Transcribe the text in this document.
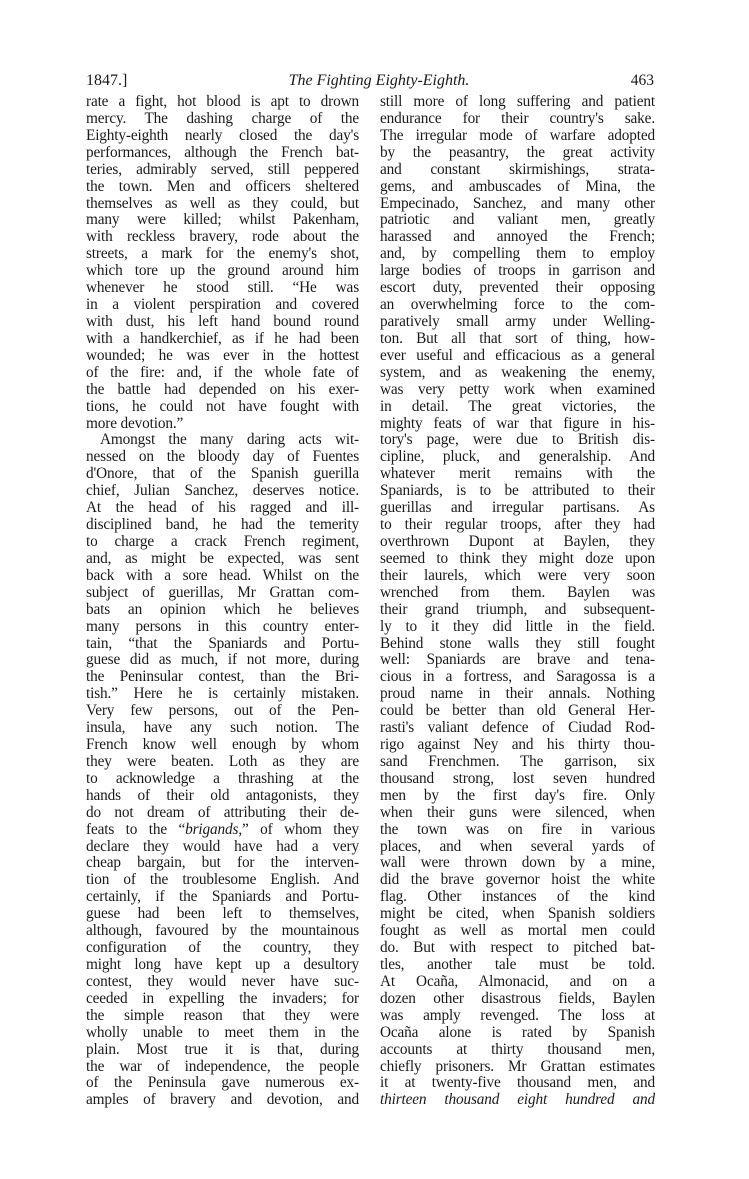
1847.]	The Fighting Eighty-Eighth.	463
rate a fight, hot blood is apt to drown
mercy. The dashing charge of the
Eighty-eighth nearly closed the day's
performances, although the French bat-
teries, admirably served, still peppered
the town. Men and officers sheltered
themselves as well as they could, but
many were killed; whilst Pakenham,
with reckless bravery, rode about the
streets, a mark for the enemy's shot,
which tore up the ground around him
whenever he stood still. “He was
in a violent perspiration and covered
with dust, his left hand bound round
with a handkerchief, as if he had been
wounded; he was ever in the hottest
of the fire: and, if the whole fate of
the battle had depended on his exer-
tions, he could not have fought with
more devotion.”
Amongst the many daring acts wit-
nessed on the bloody day of Fuentes
d'Onore, that of the Spanish guerilla
chief, Julian Sanchez, deserves notice.
At the head of his ragged and ill-
disciplined band, he had the temerity
to charge a crack French regiment,
and, as might be expected, was sent
back with a sore head. Whilst on the
subject of guerillas, Mr Grattan com-
bats an opinion which he believes
many persons in this country enter-
tain, “that the Spaniards and Portu-
guese did as much, if not more, during
the Peninsular contest, than the Bri-
tish.” Here he is certainly mistaken.
Very few persons, out of the Pen-
insula, have any such notion. The
French know well enough by whom
they were beaten. Loth as they are
to acknowledge a thrashing at the
hands of their old antagonists, they
do not dream of attributing their de-
feats to the “brigands,” of whom they
declare they would have had a very
cheap bargain, but for the interven-
tion of the troublesome English. And
certainly, if the Spaniards and Portu-
guese had been left to themselves,
although, favoured by the mountainous
configuration of the country, they
might long have kept up a desultory
contest, they would never have suc-
ceeded in expelling the invaders; for
the simple reason that they were
wholly unable to meet them in the
plain. Most true it is that, during
the war of independence, the people
of the Peninsula gave numerous ex-
amples of bravery and devotion, and
still more of long suffering and patient
endurance for their country's sake.
The irregular mode of warfare adopted
by the peasantry, the great activity
and constant skirmishings, strata-
gems, and ambuscades of Mina, the
Empecinado, Sanchez, and many other
patriotic and valiant men, greatly
harassed and annoyed the French;
and, by compelling them to employ
large bodies of troops in garrison and
escort duty, prevented their opposing
an overwhelming force to the com-
paratively small army under Welling-
ton. But all that sort of thing, how-
ever useful and efficacious as a general
system, and as weakening the enemy,
was very petty work when examined
in detail. The great victories, the
mighty feats of war that figure in his-
tory's page, were due to British dis-
cipline, pluck, and generalship. And
whatever merit remains with the
Spaniards, is to be attributed to their
guerillas and irregular partisans. As
to their regular troops, after they had
overthrown Dupont at Baylen, they
seemed to think they might doze upon
their laurels, which were very soon
wrenched from them. Baylen was
their grand triumph, and subsequent-
ly to it they did little in the field.
Behind stone walls they still fought
well: Spaniards are brave and tena-
cious in a fortress, and Saragossa is a
proud name in their annals. Nothing
could be better than old General Her-
rasti's valiant defence of Ciudad Rod-
rigo against Ney and his thirty thou-
sand Frenchmen. The garrison, six
thousand strong, lost seven hundred
men by the first day's fire. Only
when their guns were silenced, when
the town was on fire in various
places, and when several yards of
wall were thrown down by a mine,
did the brave governor hoist the white
flag. Other instances of the kind
might be cited, when Spanish soldiers
fought as well as mortal men could
do. But with respect to pitched bat-
tles, another tale must be told.
At Ocaña, Almonacid, and on a
dozen other disastrous fields, Baylen
was amply revenged. The loss at
Ocaña alone is rated by Spanish
accounts at thirty thousand men,
chiefly prisoners. Mr Grattan estimates
it at twenty-five thousand men, and
thirteen thousand eight hundred and
